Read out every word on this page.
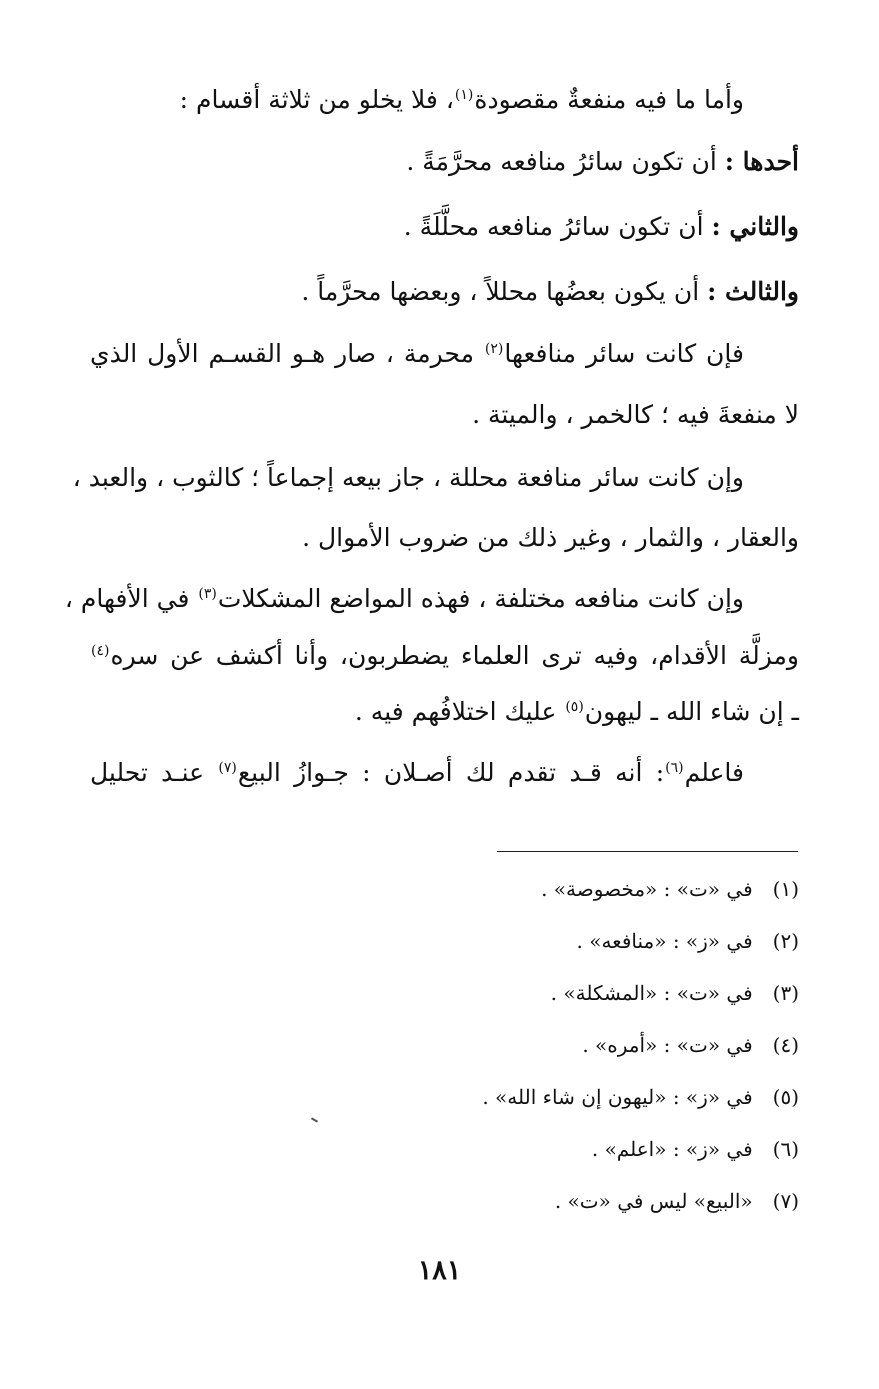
وأما ما فيه منفعةٌ مقصودة$^{(١)}$، فلا يخلو من ثلاثة أقسام :
أحدها : أن تكون سائرُ منافعه محرَّمَةً .
والثاني : أن تكون سائرُ منافعه محلَّلَةً .
والثالث : أن يكون بعضُها محللاً ، وبعضها محرَّماً .
فإن كانت سائر منافعها$^{(٢)}$ محرمة ، صار هـو القسـم الأول الذي
لا منفعةَ فيه ؛ كالخمر ، والميتة .
وإن كانت سائر منافعة محللة ، جاز بيعه إجماعاً ؛ كالثوب ، والعبد ،
والعقار ، والثمار ، وغير ذلك من ضروب الأموال .
وإن كانت منافعه مختلفة ، فهذه المواضع المشكلات$^{(٣)}$ في الأفهام ،
ومزلَّة الأقدام، وفيه ترى العلماء يضطربون، وأنا أكشف عن سره$^{(٤)}$
ـ إن شاء الله ـ ليهون$^{(٥)}$ عليك اختلافُهم فيه .
فاعلم$^{(٦)}$: أنه قـد تقدم لك أصـلان : جـوازُ البيع$^{(٧)}$ عنـد تحليل
(١) في «ت» : «مخصوصة» .
(٢) في «ز» : «منافعه» .
(٣) في «ت» : «المشكلة» .
(٤) في «ت» : «أمره» .
(٥) في «ز» : «ليهون إن شاء الله» .
(٦) في «ز» : «اعلم» .
(٧) «البيع» ليس في «ت» .
١٨١
